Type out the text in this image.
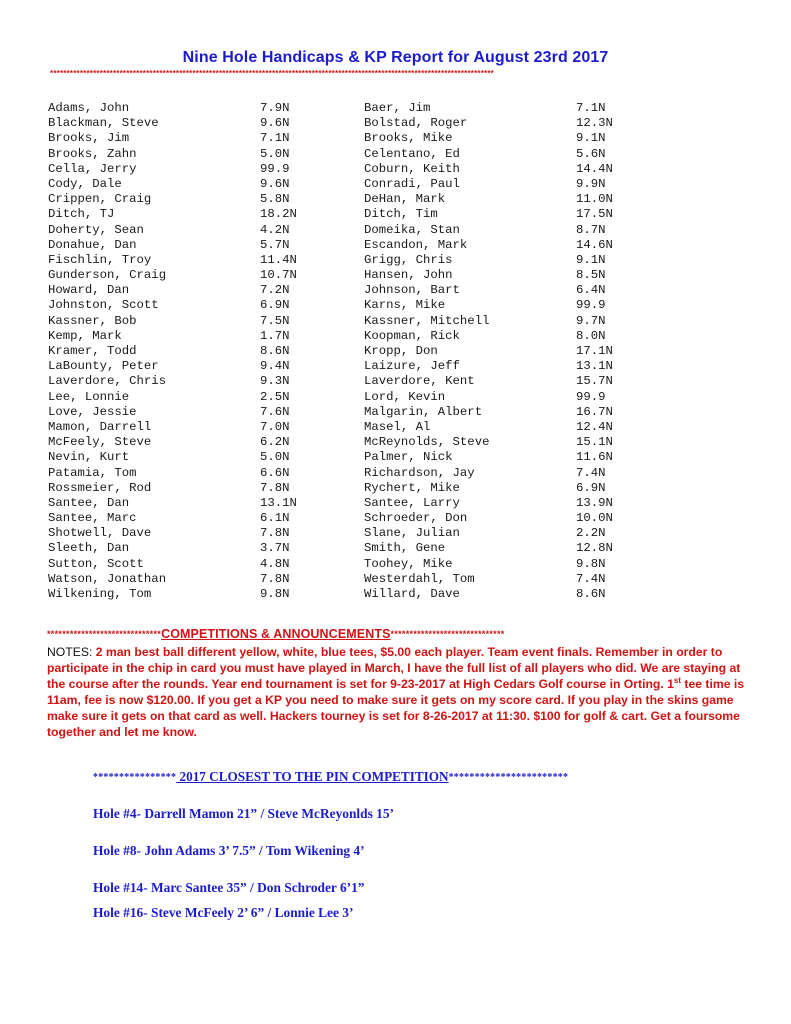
Nine Hole Handicaps & KP Report for August 23rd 2017
**************************************************************************************************************************************
Adams, John	7.9N	Baer, Jim	7.1N
Blackman, Steve	9.6N	Bolstad, Roger	12.3N
Brooks, Jim	7.1N	Brooks, Mike	9.1N
Brooks, Zahn	5.0N	Celentano, Ed	5.6N
Cella, Jerry	99.9	Coburn, Keith	14.4N
Cody, Dale	9.6N	Conradi, Paul	9.9N
Crippen, Craig	5.8N	DeHan, Mark	11.0N
Ditch, TJ	18.2N	Ditch, Tim	17.5N
Doherty, Sean	4.2N	Domeika, Stan	8.7N
Donahue, Dan	5.7N	Escandon, Mark	14.6N
Fischlin, Troy	11.4N	Grigg, Chris	9.1N
Gunderson, Craig	10.7N	Hansen, John	8.5N
Howard, Dan	7.2N	Johnson, Bart	6.4N
Johnston, Scott	6.9N	Karns, Mike	99.9
Kassner, Bob	7.5N	Kassner, Mitchell	9.7N
Kemp, Mark	1.7N	Koopman, Rick	8.0N
Kramer, Todd	8.6N	Kropp, Don	17.1N
LaBounty, Peter	9.4N	Laizure, Jeff	13.1N
Laverdore, Chris	9.3N	Laverdore, Kent	15.7N
Lee, Lonnie	2.5N	Lord, Kevin	99.9
Love, Jessie	7.6N	Malgarin, Albert	16.7N
Mamon, Darrell	7.0N	Masel, Al	12.4N
McFeely, Steve	6.2N	McReynolds, Steve	15.1N
Nevin, Kurt	5.0N	Palmer, Nick	11.6N
Patamia, Tom	6.6N	Richardson, Jay	7.4N
Rossmeier, Rod	7.8N	Rychert, Mike	6.9N
Santee, Dan	13.1N	Santee, Larry	13.9N
Santee, Marc	6.1N	Schroeder, Don	10.0N
Shotwell, Dave	7.8N	Slane, Julian	2.2N
Sleeth, Dan	3.7N	Smith, Gene	12.8N
Sutton, Scott	4.8N	Toohey, Mike	9.8N
Watson, Jonathan	7.8N	Westerdahl, Tom	7.4N
Wilkening, Tom	9.8N	Willard, Dave	8.6N
******************************COMPETITIONS & ANNOUNCEMENTS******************************
NOTES: 2 man best ball different yellow, white, blue tees, $5.00 each player. Team event finals. Remember in order to participate in the chip in card you must have played in March, I have the full list of all players who did. We are staying at the course after the rounds. Year end tournament is set for 9-23-2017 at High Cedars Golf course in Orting. 1st tee time is 11am, fee is now $120.00. If you get a KP you need to make sure it gets on my score card. If you play in the skins game make sure it gets on that card as well. Hackers tourney is set for 8-26-2017 at 11:30. $100 for golf & cart. Get a foursome together and let me know.
**************** 2017 CLOSEST TO THE PIN COMPETITION***********************
Hole #4- Darrell Mamon 21” / Steve McReyonlds 15’
Hole #8- John Adams 3’ 7.5” / Tom Wikening 4’
Hole #14- Marc Santee 35” / Don Schroder 6’1”
Hole #16- Steve McFeely 2’ 6” / Lonnie Lee 3’
